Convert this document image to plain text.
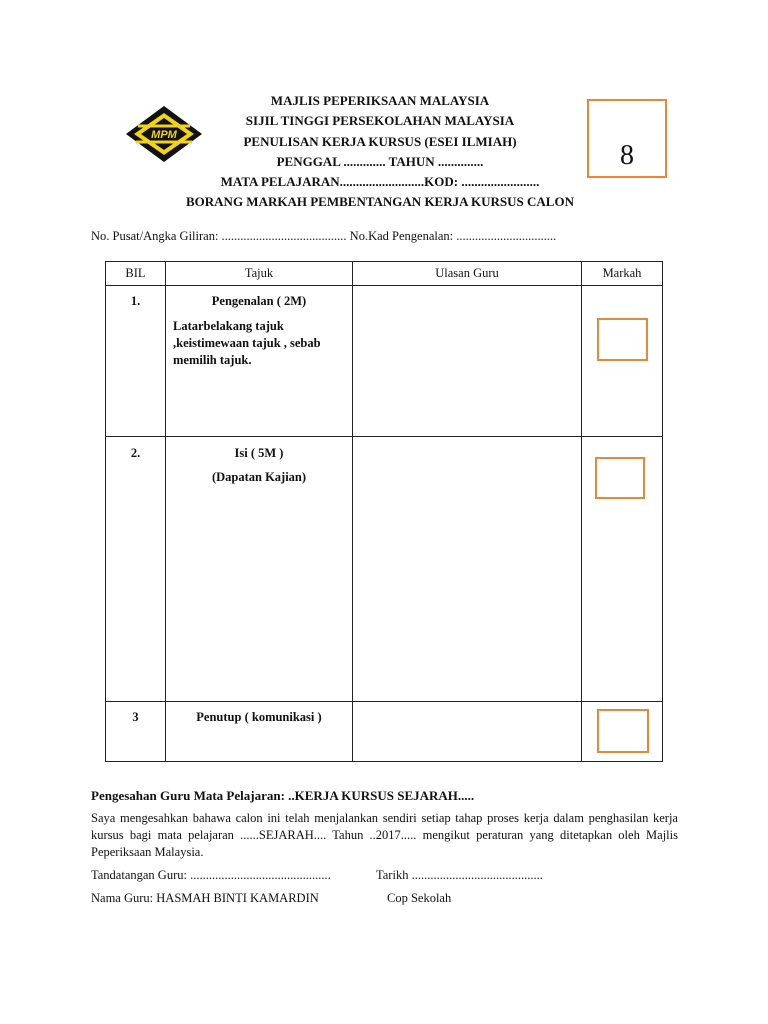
MPM
MAJLIS PEPERIKSAAN MALAYSIA
SIJIL TINGGI PERSEKOLAHAN MALAYSIA
PENULISAN KERJA KURSUS (ESEI ILMIAH)
PENGGAL ............. TAHUN ..............
MATA PELAJARAN..........................KOD: ........................
BORANG MARKAH PEMBENTANGAN KERJA KURSUS CALON
8
No. Pusat/Angka Giliran: ........................................ No.Kad Pengenalan: ................................
BIL	Tajuk	Ulasan Guru	Markah
1.	Pengenalan ( 2M)
Latarbelakang tajuk ,keistimewaan tajuk , sebab memilih tajuk.
2.	Isi ( 5M )
(Dapatan Kajian)
3	Penutup ( komunikasi )
Pengesahan Guru Mata Pelajaran: ..KERJA KURSUS SEJARAH.....
Saya mengesahkan bahawa calon ini telah menjalankan sendiri setiap tahap proses kerja dalam penghasilan kerja kursus bagi mata pelajaran ......SEJARAH.... Tahun ..2017..... mengikut peraturan yang ditetapkan oleh Majlis Peperiksaan Malaysia.
Tandatangan Guru: .............................................	Tarikh ..........................................
Nama Guru: HASMAH BINTI KAMARDIN	Cop Sekolah
